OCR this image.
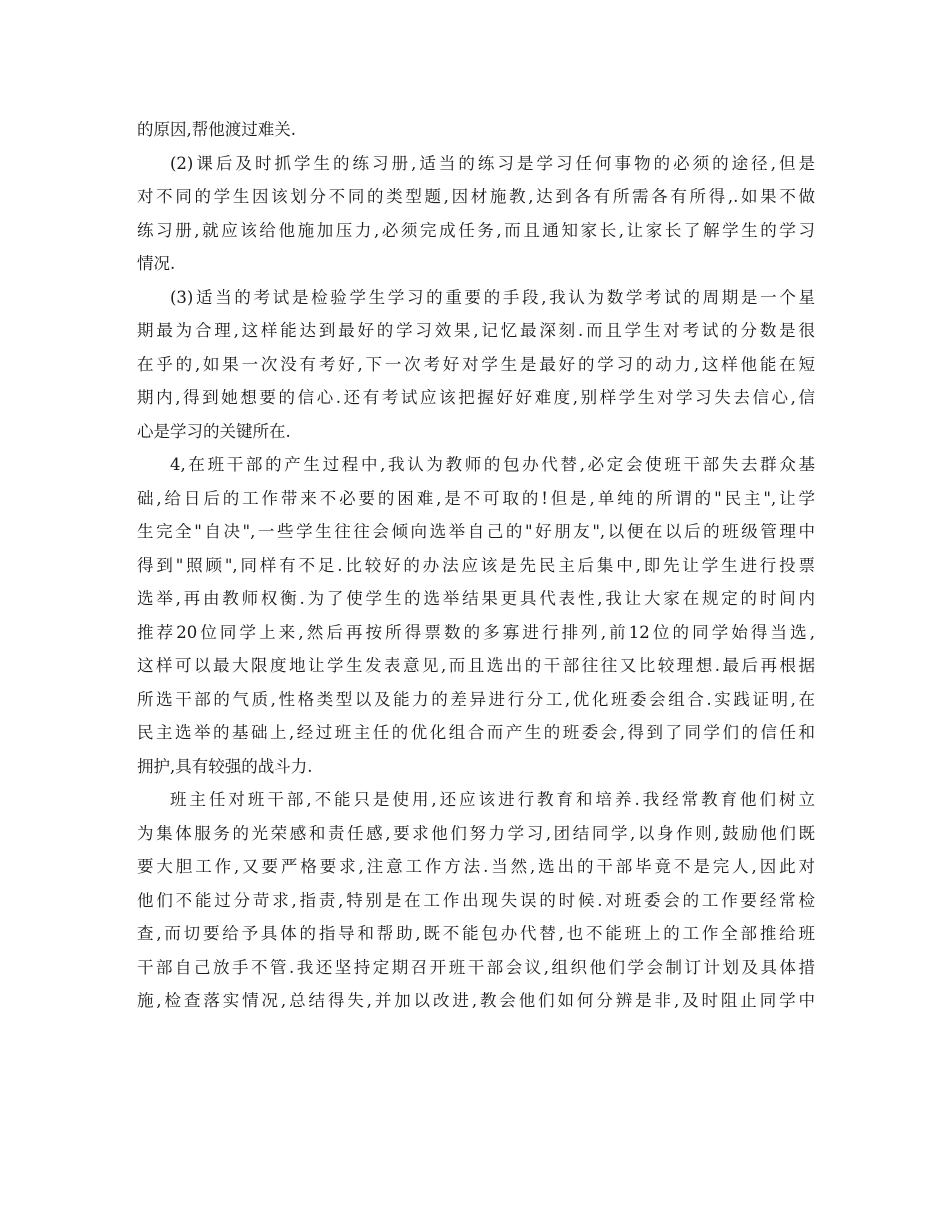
的原因,帮他渡过难关.
(2)课后及时抓学生的练习册,适当的练习是学习任何事物的必须的途径,但是
对不同的学生因该划分不同的类型题,因材施教,达到各有所需各有所得,.如果不做
练习册,就应该给他施加压力,必须完成任务,而且通知家长,让家长了解学生的学习
情况.
(3)适当的考试是检验学生学习的重要的手段,我认为数学考试的周期是一个星
期最为合理,这样能达到最好的学习效果,记忆最深刻.而且学生对考试的分数是很
在乎的,如果一次没有考好,下一次考好对学生是最好的学习的动力,这样他能在短
期内,得到她想要的信心.还有考试应该把握好好难度,别样学生对学习失去信心,信
心是学习的关键所在.
4,在班干部的产生过程中,我认为教师的包办代替,必定会使班干部失去群众基
础,给日后的工作带来不必要的困难,是不可取的!但是,单纯的所谓的"民主",让学
生完全"自决",一些学生往往会倾向选举自己的"好朋友",以便在以后的班级管理中
得到"照顾",同样有不足.比较好的办法应该是先民主后集中,即先让学生进行投票
选举,再由教师权衡.为了使学生的选举结果更具代表性,我让大家在规定的时间内
推荐20位同学上来,然后再按所得票数的多寡进行排列,前12位的同学始得当选,
这样可以最大限度地让学生发表意见,而且选出的干部往往又比较理想.最后再根据
所选干部的气质,性格类型以及能力的差异进行分工,优化班委会组合.实践证明,在
民主选举的基础上,经过班主任的优化组合而产生的班委会,得到了同学们的信任和
拥护,具有较强的战斗力.
班主任对班干部,不能只是使用,还应该进行教育和培养.我经常教育他们树立
为集体服务的光荣感和责任感,要求他们努力学习,团结同学,以身作则,鼓励他们既
要大胆工作,又要严格要求,注意工作方法.当然,选出的干部毕竟不是完人,因此对
他们不能过分苛求,指责,特别是在工作出现失误的时候.对班委会的工作要经常检
查,而切要给予具体的指导和帮助,既不能包办代替,也不能班上的工作全部推给班
干部自己放手不管.我还坚持定期召开班干部会议,组织他们学会制订计划及具体措
施,检查落实情况,总结得失,并加以改进,教会他们如何分辨是非,及时阻止同学中
